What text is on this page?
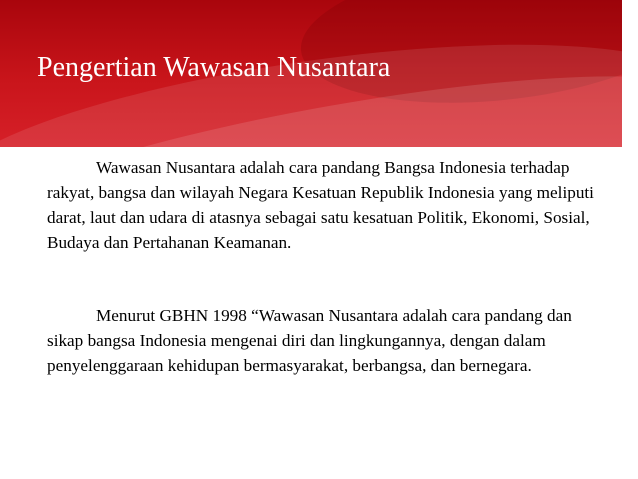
Pengertian Wawasan Nusantara
Wawasan Nusantara adalah cara pandang Bangsa Indonesia terhadap rakyat, bangsa dan wilayah Negara Kesatuan Republik Indonesia yang meliputi darat, laut dan udara di atasnya sebagai satu kesatuan Politik, Ekonomi, Sosial, Budaya dan Pertahanan Keamanan.
Menurut GBHN 1998 “Wawasan Nusantara adalah cara pandang dan sikap bangsa Indonesia mengenai diri dan lingkungannya, dengan dalam penyelenggaraan kehidupan bermasyarakat, berbangsa, dan bernegara.
